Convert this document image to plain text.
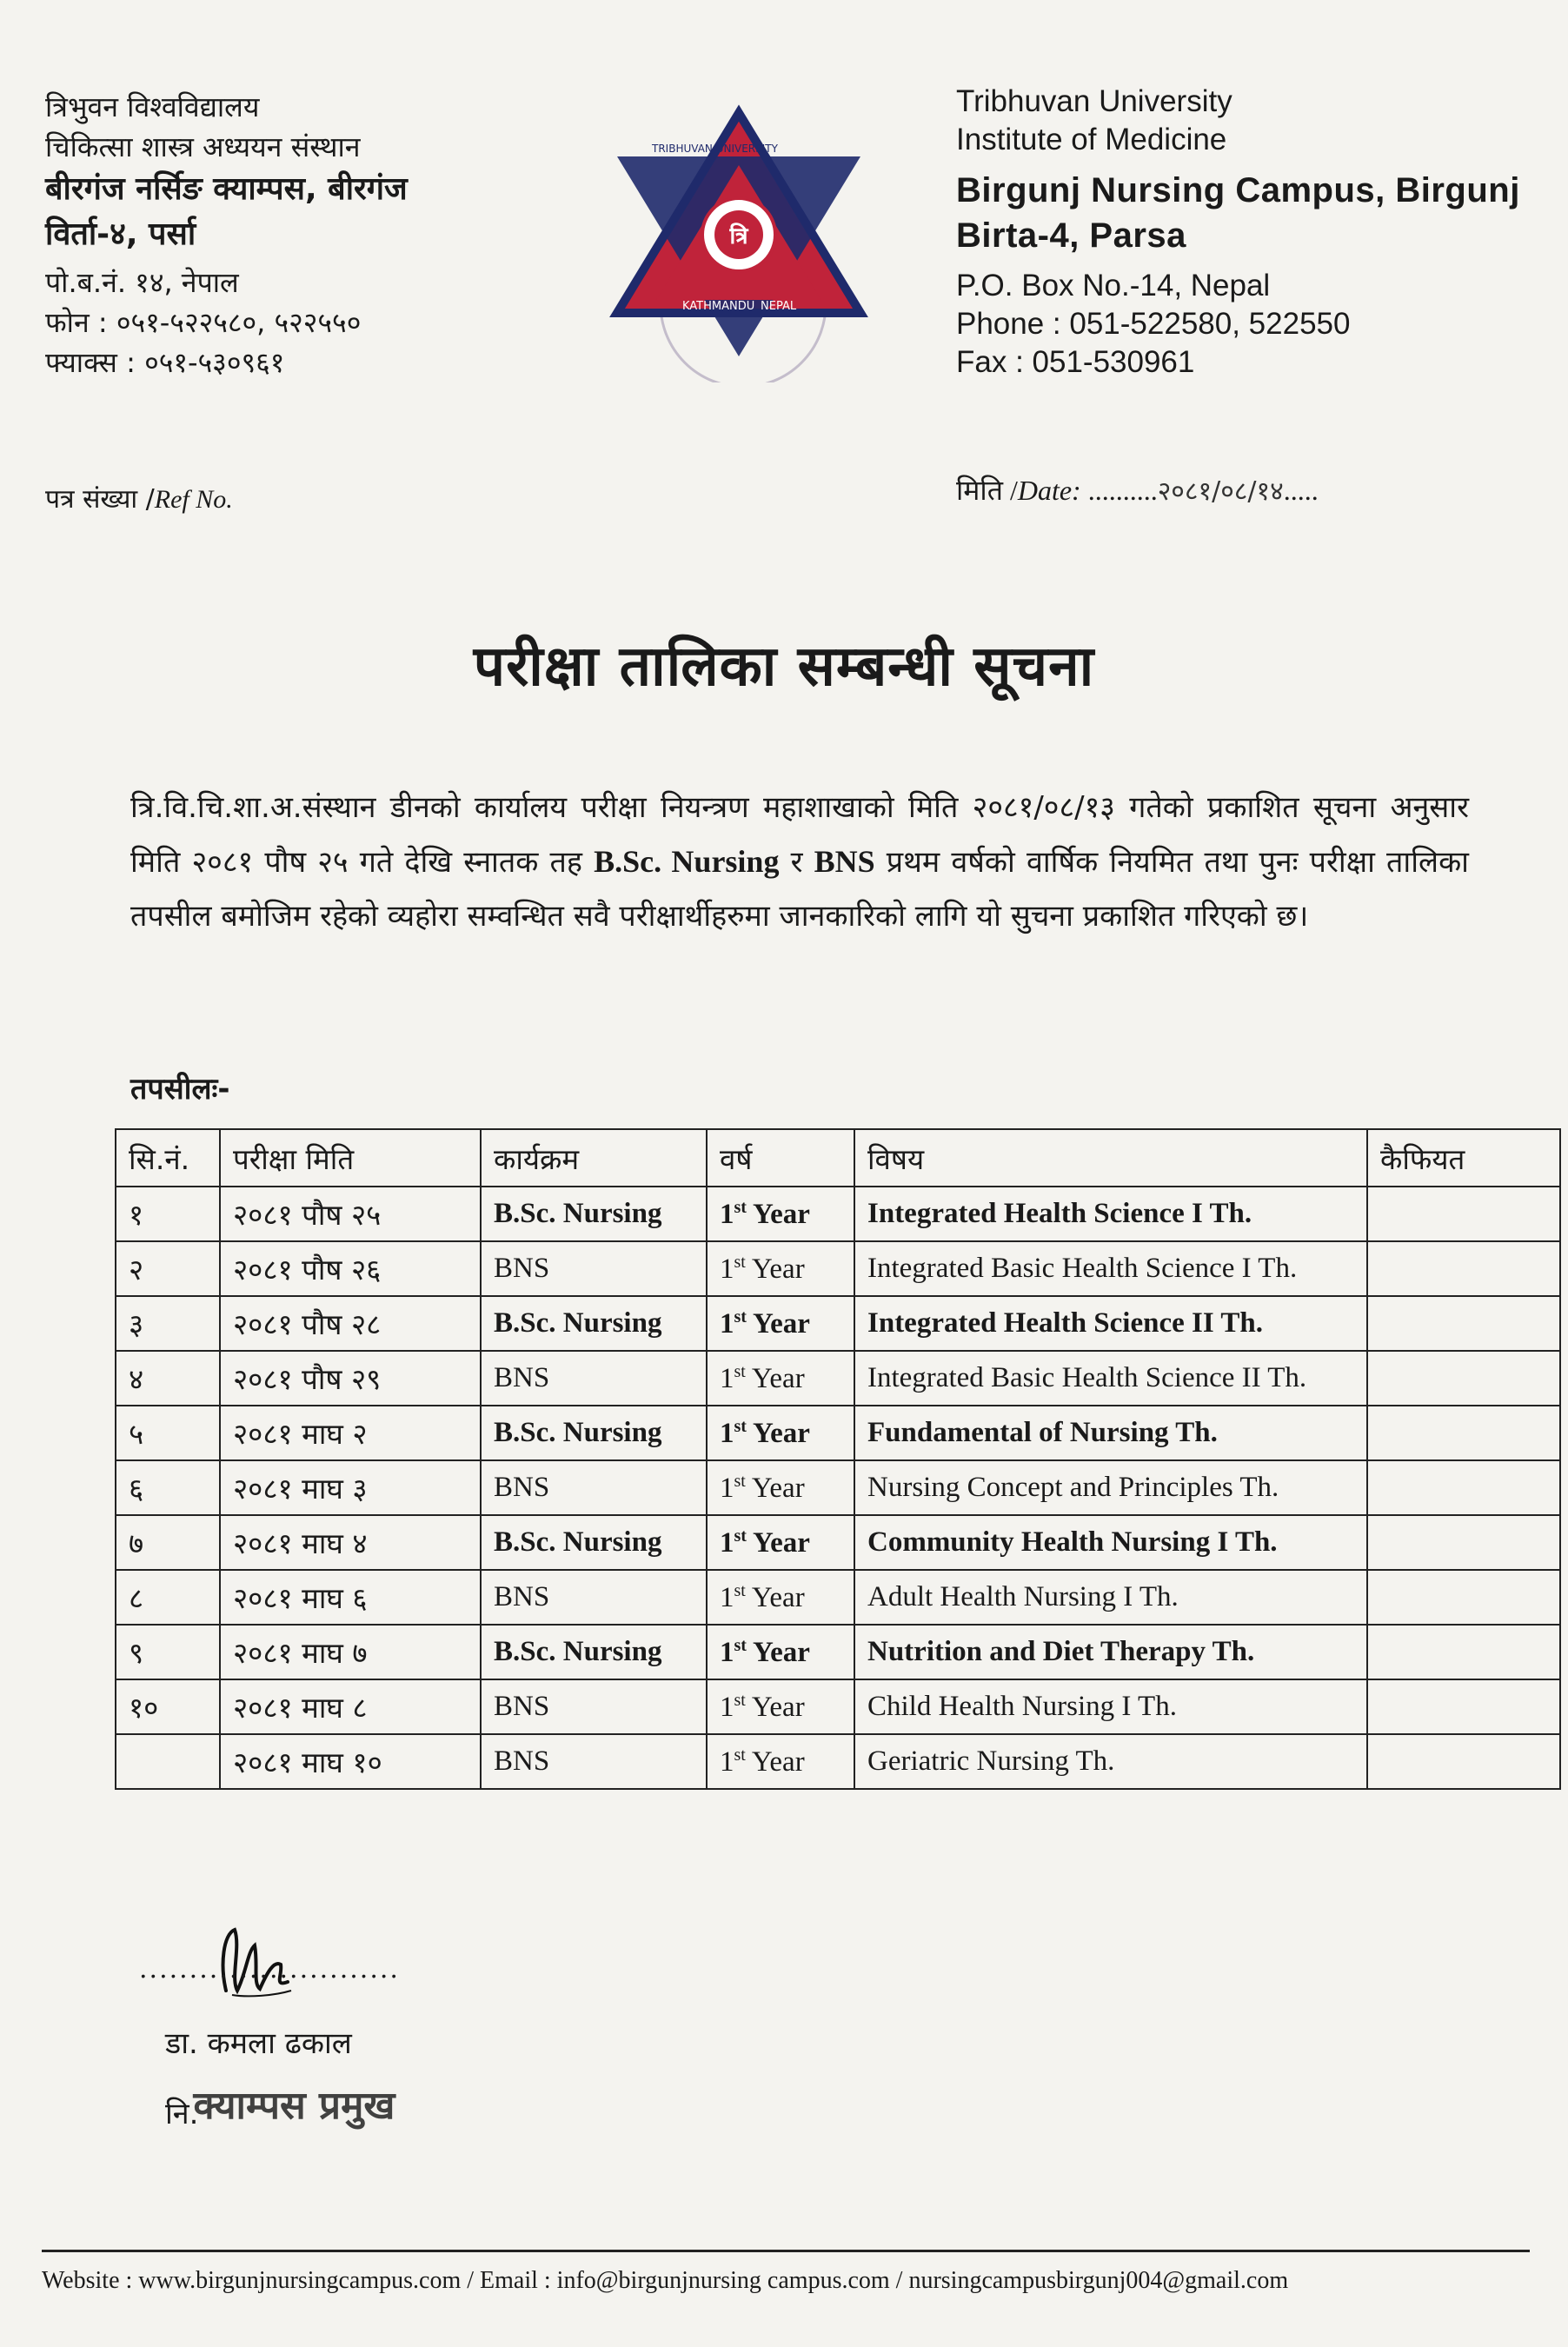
त्रिभुवन विश्वविद्यालय
चिकित्सा शास्त्र अध्ययन संस्थान
बीरगंज नर्सिङ क्याम्पस, बीरगंज
विर्ता-४, पर्सा
पो.ब.नं. १४, नेपाल
फोन : ०५१-५२२५८०, ५२२५५०
फ्याक्स : ०५१-५३०९६१
त्रि
KATHMANDU NEPAL
TRIBHUVAN UNIVERSITY
Tribhuvan University
Institute of Medicine
Birgunj Nursing Campus, Birgunj
Birta-4, Parsa
P.O. Box No.-14, Nepal
Phone : 051-522580, 522550
Fax : 051-530961
पत्र संख्या /Ref No.	मिति /Date: ..........२०८१/०८/१४.....
परीक्षा तालिका सम्बन्धी सूचना
त्रि.वि.चि.शा.अ.संस्थान डीनको कार्यालय परीक्षा नियन्त्रण महाशाखाको मिति २०८१/०८/१३ गतेको प्रकाशित सूचना अनुसार मिति २०८१ पौष २५ गते देखि स्नातक तह B.Sc. Nursing र BNS प्रथम वर्षको वार्षिक नियमित तथा पुनः परीक्षा तालिका तपसील बमोजिम रहेको व्यहोरा सम्वन्धित सवै परीक्षार्थीहरुमा जानकारिको लागि यो सुचना प्रकाशित गरिएको छ।
तपसीलः-
सि.नं.	परीक्षा मिति	कार्यक्रम	वर्ष	विषय	कैफियत
१	२०८१ पौष २५	B.Sc. Nursing	1st Year	Integrated Health Science I Th.	
२	२०८१ पौष २६	BNS	1st Year	Integrated Basic Health Science I Th.	
३	२०८१ पौष २८	B.Sc. Nursing	1st Year	Integrated Health Science II Th.	
४	२०८१ पौष २९	BNS	1st Year	Integrated Basic Health Science II Th.	
५	२०८१ माघ २	B.Sc. Nursing	1st Year	Fundamental of Nursing Th.	
६	२०८१ माघ ३	BNS	1st Year	Nursing Concept and Principles Th.	
७	२०८१ माघ ४	B.Sc. Nursing	1st Year	Community Health Nursing I Th.	
८	२०८१ माघ ६	BNS	1st Year	Adult Health Nursing I Th.	
९	२०८१ माघ ७	B.Sc. Nursing	1st Year	Nutrition and Diet Therapy Th.	
१०	२०८१ माघ ८	BNS	1st Year	Child Health Nursing I Th.	
	२०८१ माघ १०	BNS	1st Year	Geriatric Nursing Th.	
..........................
डा. कमला ढकाल
नि.क्याम्पस प्रमुख
Website : www.birgunjnursingcampus.com / Email : info@birgunjnursing campus.com / nursingcampusbirgunj004@gmail.com
